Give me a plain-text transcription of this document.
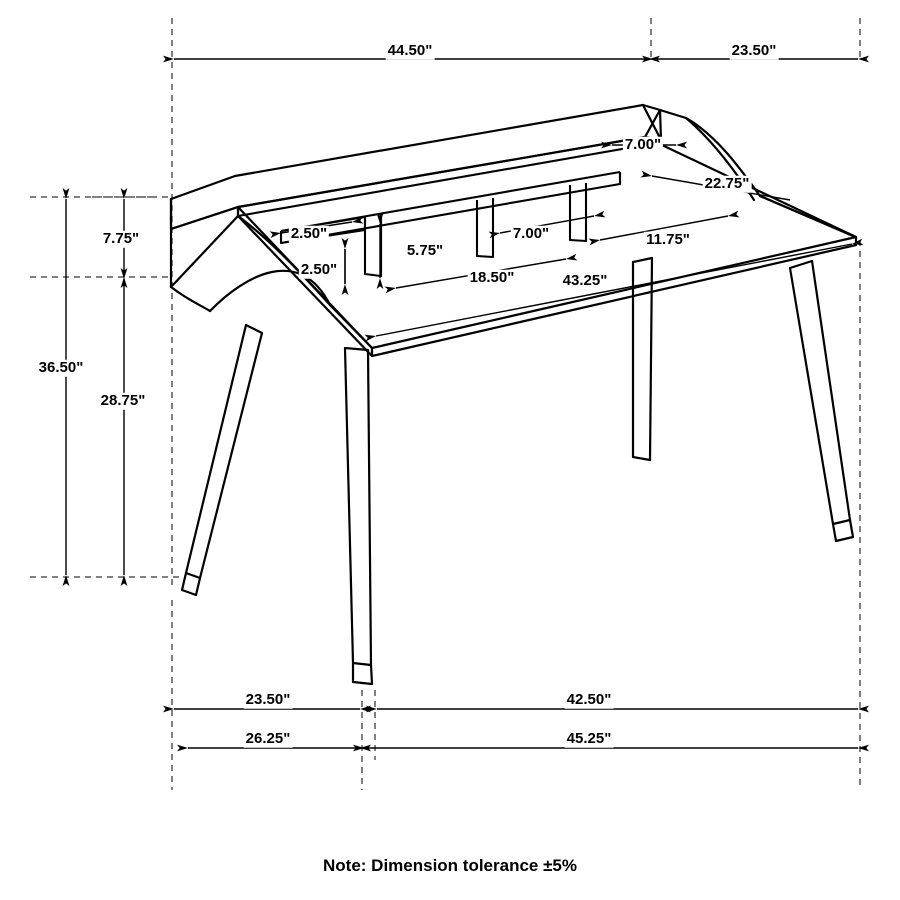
44.50"	23.50"
7.00"
22.75"
2.50"	7.00"	11.75"
7.75"
5.75"
2.50"	18.50"	43.25"
36.50"
28.75"
23.50"	42.50"
26.25"	45.25"
Note: Dimension tolerance ±5%
